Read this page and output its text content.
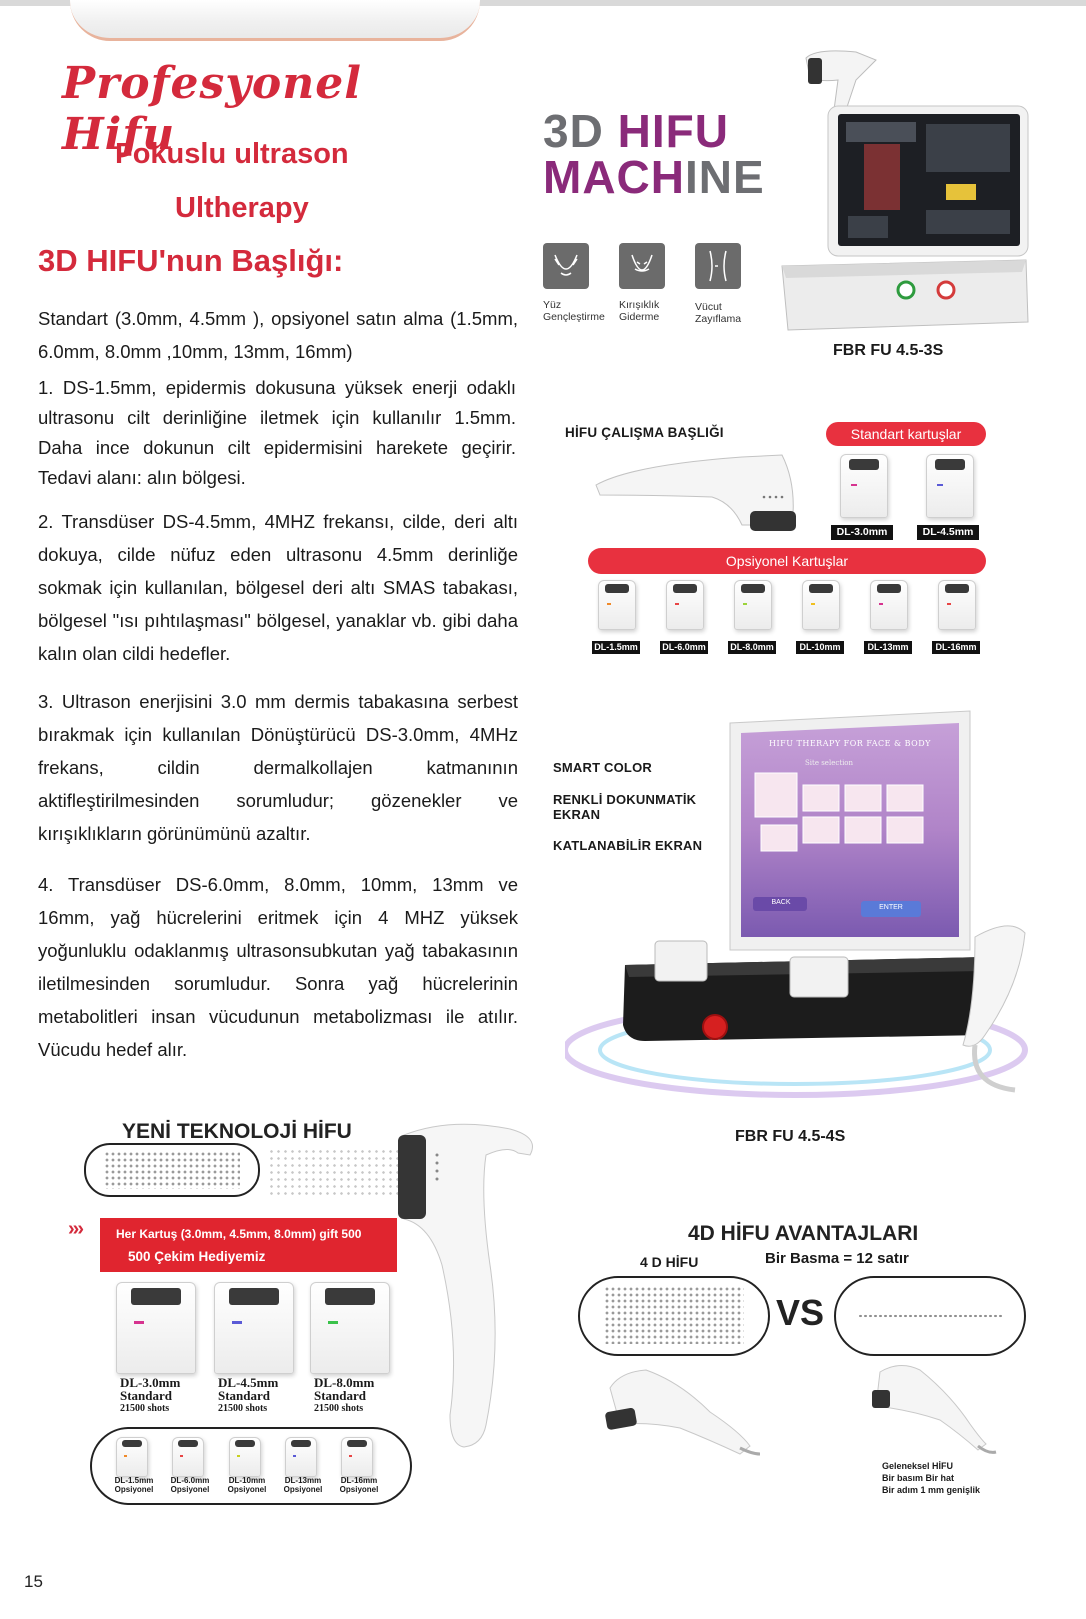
Profesyonel Hifu
Fokuslu ultrason
Ultherapy
3D HIFU'nun Başlığı:

Standart (3.0mm, 4.5mm ), opsiyonel satın alma (1.5mm, 6.0mm, 8.0mm ,10mm, 13mm, 16mm)

1. DS-1.5mm, epidermis dokusuna yüksek enerji odaklı ultrasonu cilt derinliğine iletmek için kullanılır 1.5mm. Daha ince dokunun cilt epidermisini harekete geçirir. Tedavi alanı: alın bölgesi.

2. Transdüser DS-4.5mm, 4MHZ frekansı, cilde, deri altı dokuya, cilde nüfuz eden ultrasonu 4.5mm derinliğe sokmak için kullanılan, bölgesel deri altı SMAS tabakası, bölgesel "ısı pıhtılaşması" bölgesel, yanaklar vb. gibi daha kalın olan cildi hedefler.

3. Ultrason enerjisini 3.0 mm dermis tabakasına serbest bırakmak için kullanılan Dönüştürücü DS-3.0mm, 4MHz frekans, cildin dermalkollajen katmanının aktifleştirilmesinden sorumludur; gözenekler ve kırışıklıkların görünümünü azaltır.

4. Transdüser DS-6.0mm, 8.0mm, 10mm, 13mm ve 16mm, yağ hücrelerini eritmek için 4 MHZ yüksek yoğunluklu odaklanmış ultrasonsubkutan yağ tabakasının iletilmesinden sorumludur. Sonra yağ hücrelerinin metabolitleri insan vücudunun metabolizması ile atılır. Vücudu hedef alır.

3D HIFU
MACHINE
Yüz Gençleştirme
Kırışıklık Giderme
Vücut Zayıflama
FBR FU 4.5-3S
HİFU ÇALIŞMA BAŞLIĞI	Standart kartuşlar
DL-3.0mm	DL-4.5mm
Opsiyonel Kartuşlar
DL-1.5mm	DL-6.0mm	DL-8.0mm	DL-10mm	DL-13mm	DL-16mm
SMART COLOR
RENKLİ DOKUNMATİK EKRAN
KATLANABİLİR EKRAN
HIFU THERAPY FOR FACE & BODY
Site selection
BACK
ENTER
FBR FU 4.5-4S
YENİ TEKNOLOJİ HİFU
›››	Her Kartuş (3.0mm, 4.5mm, 8.0mm) gift 500
500 Çekim Hediyemiz
DL-3.0mm
Standard
21500 shots
DL-4.5mm
Standard
21500 shots
DL-8.0mm
Standard
21500 shots
DL-1.5mm
Opsiyonel
DL-6.0mm
Opsiyonel
DL-10mm
Opsiyonel
DL-13mm
Opsiyonel
DL-16mm
Opsiyonel
4D HİFU AVANTAJLARI
4 D HİFU	Bir Basma = 12 satır
VS
Geleneksel HİFU
Bir basım Bir hat
Bir adım 1 mm genişlik
15
